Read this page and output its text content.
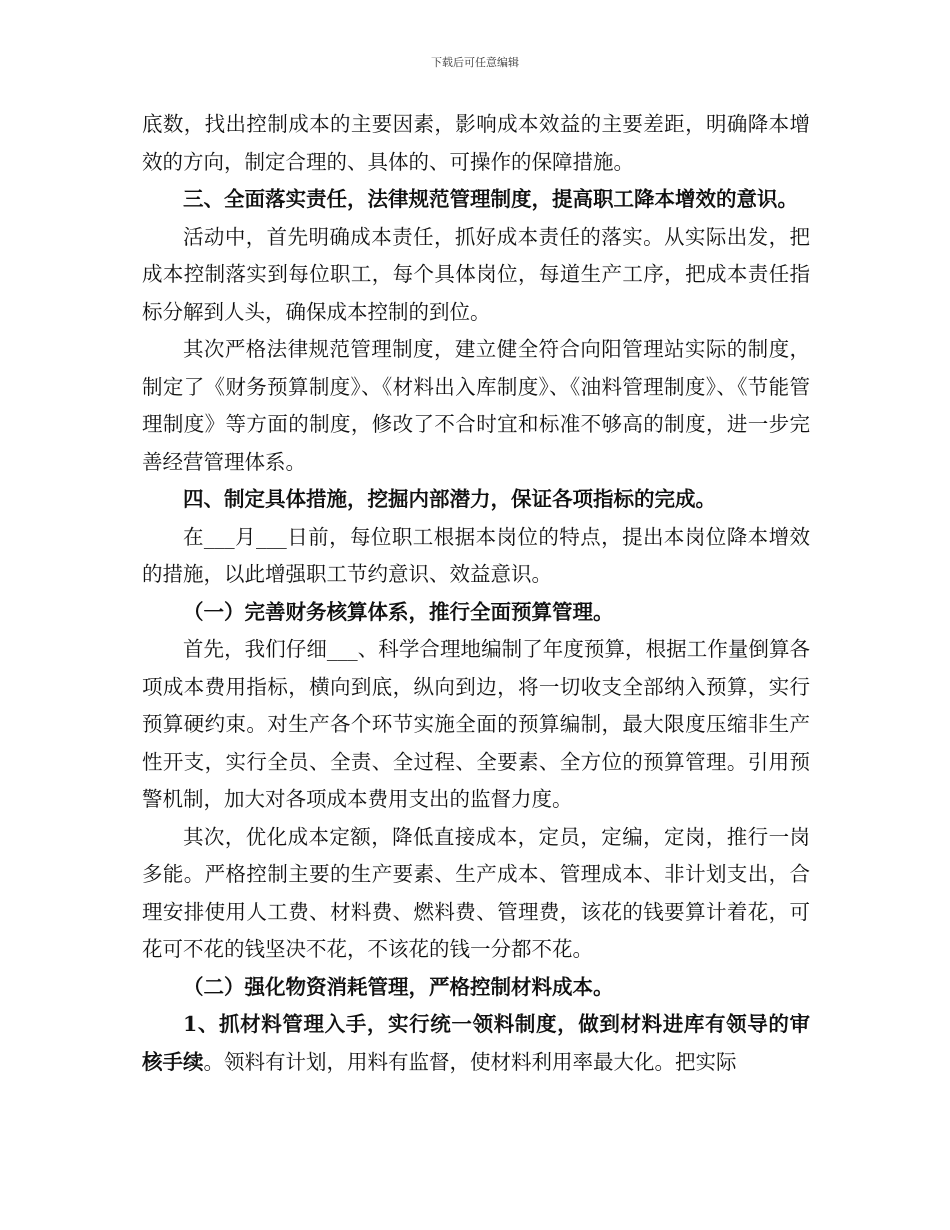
下载后可任意编辑

底数，找出控制成本的主要因素，影响成本效益的主要差距，明确降本增效的方向，制定合理的、具体的、可操作的保障措施。

三、全面落实责任，法律规范管理制度，提高职工降本增效的意识。

活动中，首先明确成本责任，抓好成本责任的落实。从实际出发，把成本控制落实到每位职工，每个具体岗位，每道生产工序，把成本责任指标分解到人头，确保成本控制的到位。

其次严格法律规范管理制度，建立健全符合向阳管理站实际的制度，制定了《财务预算制度》、《材料出入库制度》、《油料管理制度》、《节能管理制度》等方面的制度，修改了不合时宜和标准不够高的制度，进一步完善经营管理体系。

四、制定具体措施，挖掘内部潜力，保证各项指标的完成。

在___月___日前，每位职工根据本岗位的特点，提出本岗位降本增效的措施，以此增强职工节约意识、效益意识。

（一）完善财务核算体系，推行全面预算管理。

首先，我们仔细___、科学合理地编制了年度预算，根据工作量倒算各项成本费用指标，横向到底，纵向到边，将一切收支全部纳入预算，实行预算硬约束。对生产各个环节实施全面的预算编制，最大限度压缩非生产性开支，实行全员、全责、全过程、全要素、全方位的预算管理。引用预警机制，加大对各项成本费用支出的监督力度。

其次，优化成本定额，降低直接成本，定员，定编，定岗，推行一岗多能。严格控制主要的生产要素、生产成本、管理成本、非计划支出，合理安排使用人工费、材料费、燃料费、管理费，该花的钱要算计着花，可花可不花的钱坚决不花，不该花的钱一分都不花。

（二）强化物资消耗管理，严格控制材料成本。

1、抓材料管理入手，实行统一领料制度，做到材料进库有领导的审核手续。领料有计划，用料有监督，使材料利用率最大化。把实际
